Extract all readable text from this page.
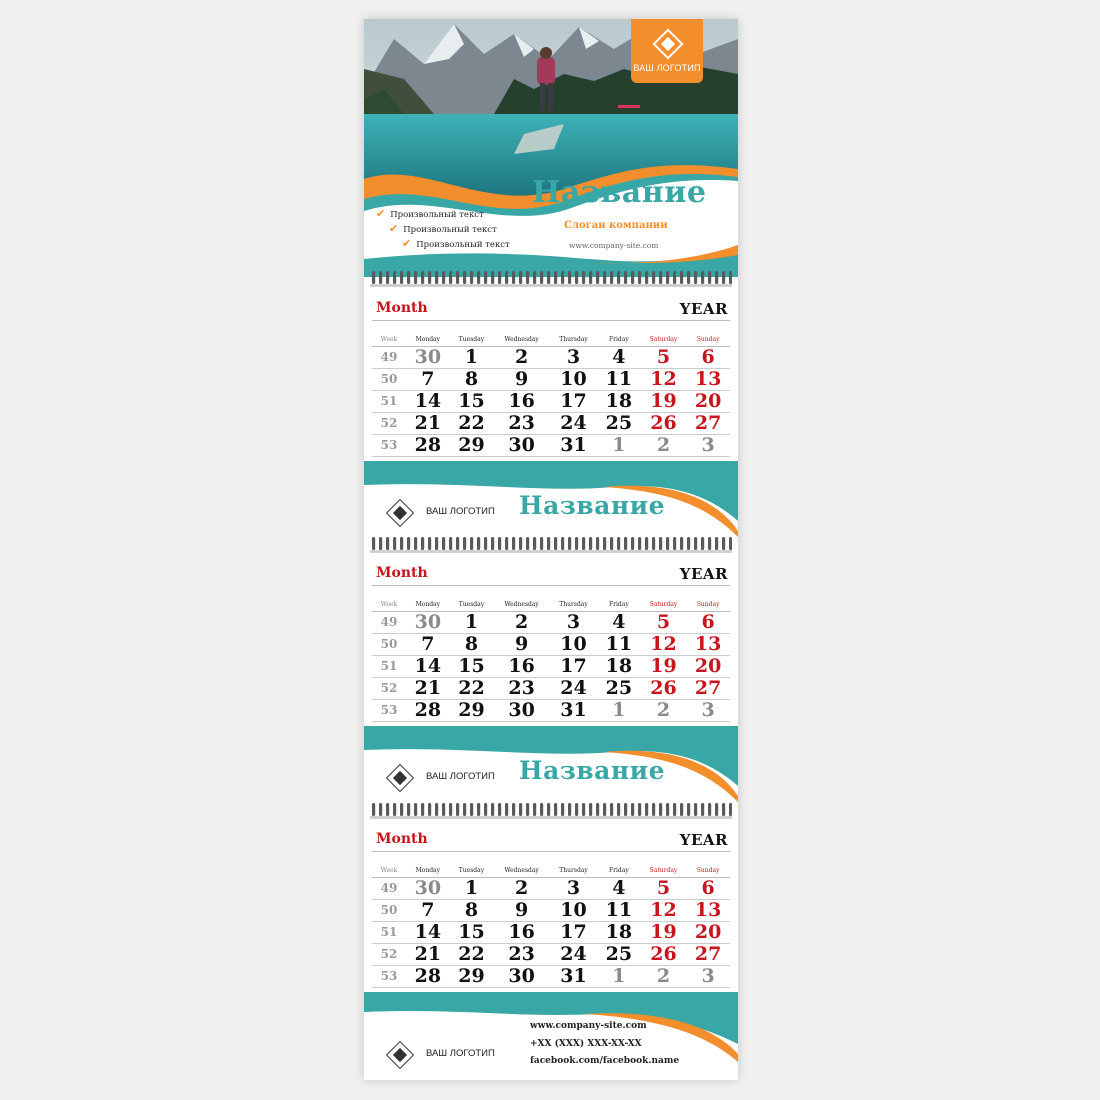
ВАШ ЛОГОТИП
Название
Слоган компании
www.company-site.com
✔ Произвольный текст
✔ Произвольный текст
✔ Произвольный текст
Month	YEAR
Week	Monday	Tuesday	Wednesday	Thursday	Friday	Saturday	Sunday
49	30	1	2	3	4	5	6
50	7	8	9	10	11	12	13
51	14	15	16	17	18	19	20
52	21	22	23	24	25	26	27
53	28	29	30	31	1	2	3
ВАШ ЛОГОТИП Название
Month	YEAR
Week	Monday	Tuesday	Wednesday	Thursday	Friday	Saturday	Sunday
49	30	1	2	3	4	5	6
50	7	8	9	10	11	12	13
51	14	15	16	17	18	19	20
52	21	22	23	24	25	26	27
53	28	29	30	31	1	2	3
ВАШ ЛОГОТИП Название
Month	YEAR
Week	Monday	Tuesday	Wednesday	Thursday	Friday	Saturday	Sunday
49	30	1	2	3	4	5	6
50	7	8	9	10	11	12	13
51	14	15	16	17	18	19	20
52	21	22	23	24	25	26	27
53	28	29	30	31	1	2	3
ВАШ ЛОГОТИП
www.company-site.com
+XX (XXX) XXX-XX-XX
facebook.com/facebook.name
